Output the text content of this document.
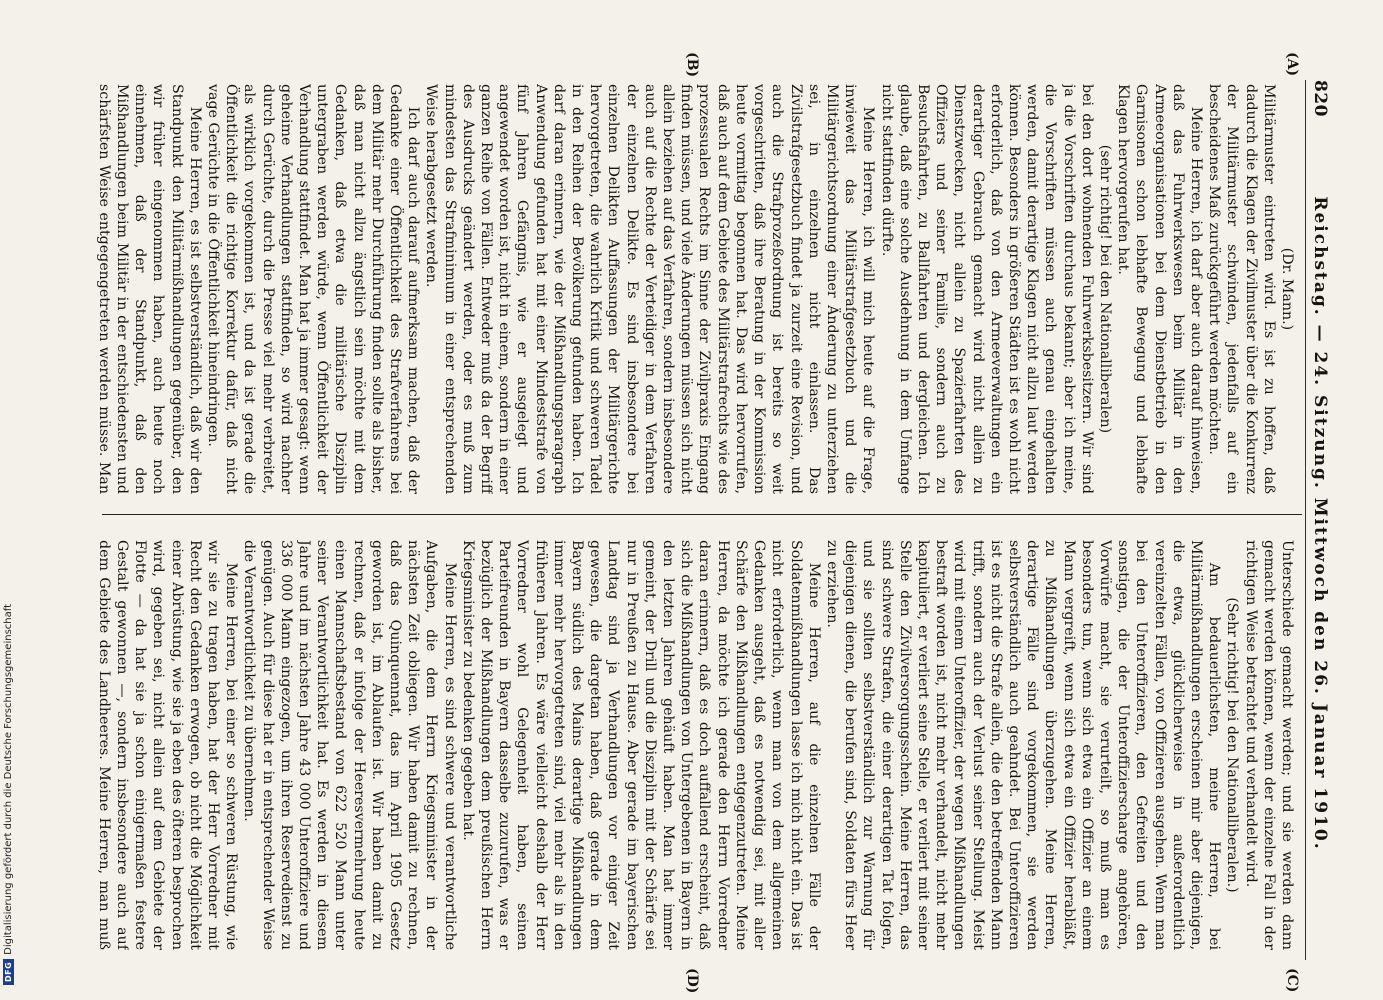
DFG
Digitalisierung gefördert durch die Deutsche Forschungsgemeinschaft
820
Reichstag. — 24. Sitzung. Mittwoch den 26. Januar 1910.
(A)
(B)
(C)
(D)

(Dr. Mann.)

Militärmuster eintreten wird. Es ist zu hoffen, daß dadurch die Klagen der Zivilmuster über die Konkurrenz der Militärmuster schwinden, jedenfalls auf ein bescheidenes Maß zurückgeführt werden möchten.

Meine Herren, ich darf aber auch darauf hinweisen, daß das Fuhrwerkswesen beim Militär in den Armeeorganisationen bei dem Dienstbetrieb in den Garnisonen schon lebhafte Bewegung und lebhafte Klagen hervorgerufen hat.

(sehr richtig! bei den Nationalliberalen)

bei den dort wohnenden Fuhrwerksbesitzern. Wir sind ja die Vorschriften durchaus bekannt; aber ich meine, die Vorschriften müssen auch genau eingehalten werden, damit derartige Klagen nicht allzu laut werden können. Besonders in größeren Städten ist es wohl nicht erforderlich, daß von den Armeeverwaltungen ein derartiger Gebrauch gemacht wird nicht allein zu Dienstzwecken, nicht allein zu Spazierfahrten des Offiziers und seiner Familie, sondern auch zu Besuchsfahrten, zu Ballfahrten und dergleichen. Ich glaube, daß eine solche Ausdehnung in dem Umfange nicht stattfinden dürfte.

Meine Herren, ich will mich heute auf die Frage, inwieweit das Militärstrafgesetzbuch und die Militärgerichtsordnung einer Änderung zu unterziehen sei, in einzelnen nicht einlassen. Das Zivilstrafgesetzbuch findet ja zurzeit eine Revision, und auch die Strafprozeßordnung ist bereits so weit vorgeschritten, daß ihre Beratung in der Kommission heute vormittag begonnen hat. Das wird hervorrufen, daß auch auf dem Gebiete des Militärstrafrechts wie des prozessualen Rechts im Sinne der Zivilpraxis Eingang finden müssen, und viele Änderungen müssen sich nicht allein beziehen auf das Verfahren, sondern insbesondere auch auf die Rechte der Verteidiger in dem Verfahren der einzelnen Delikte. Es sind insbesondere bei einzelnen Delikten Auffassungen der Militärgerichte hervorgetreten, die wahrlich Kritik und schweren Tadel in den Reihen der Bevölkerung gefunden haben. Ich darf daran erinnern, wie der Mißhandlungsparagraph Anwendung gefunden hat mit einer Mindeststrafe von fünf Jahren Gefängnis, wie er ausgelegt und angewendet worden ist, nicht in einem, sondern in einer ganzen Reihe von Fällen. Entweder muß da der Begriff des Ausdrucks geändert werden, oder es muß zum mindesten das Strafminimum in einer entsprechenden Weise herabgesetzt werden.

Ich darf auch darauf aufmerksam machen, daß der Gedanke einer Öffentlichkeit des Strafverfahrens bei dem Militär mehr Durchführung finden sollte als bisher, daß man nicht allzu ängstlich sein möchte mit dem Gedanken, daß etwa die militärische Disziplin untergraben werden würde, wenn Öffentlichkeit der Verhandlung stattfindet. Man hat ja immer gesagt: wenn geheime Verhandlungen stattfinden, so wird nachher durch Gerüchte, durch die Presse viel mehr verbreitet, als wirklich vorgekommen ist, und da ist gerade die Öffentlichkeit die richtige Korrektur dafür, daß nicht vage Gerüchte in die Öffentlichkeit hineindringen.

Meine Herren, es ist selbstverständlich, daß wir den Standpunkt den Militärmißhandlungen gegenüber, den wir früher eingenommen haben, auch heute noch einnehmen, daß der Standpunkt, daß den Mißhandlungen beim Militär in der entschiedensten und schärfsten Weise entgegengetreten werden müsse. Man

Unterschiede gemacht werden; und sie werden dann gemacht werden können, wenn der einzelne Fall in der richtigen Weise betrachtet und verhandelt wird.

(Sehr richtig! bei den Nationalliberalen.)

Am bedauerlichsten, meine Herren, bei Militärmißhandlungen erscheinen mir aber diejenigen, die etwa, glücklicherweise in außerordentlich vereinzelten Fällen, von Offizieren ausgehen. Wenn man bei den Unteroffizieren, den Gefreiten und den sonstigen, die der Unteroffizierscharge angehören, Vorwürfe macht, sie verurteilt, so muß man es besonders tun, wenn sich etwa ein Offizier an einem Mann vergreift, wenn sich etwa ein Offizier herabläßt, zu Mißhandlungen überzugehen. Meine Herren, derartige Fälle sind vorgekommen, sie werden selbstverständlich auch geahndet. Bei Unteroffizieren ist es nicht die Strafe allein, die den betreffenden Mann trifft, sondern auch der Verlust seiner Stellung. Meist wird mit einem Unteroffizier, der wegen Mißhandlungen bestraft worden ist, nicht mehr verhandelt, nicht mehr kapituliert, er verliert seine Stelle, er verliert mit seiner Stelle den Zivilversorgungsschein. Meine Herren, das sind schwere Strafen, die einer derartigen Tat folgen, und sie sollten selbstverständlich zur Warnung für diejenigen dienen, die berufen sind, Soldaten fürs Heer zu erziehen.

Meine Herren, auf die einzelnen Fälle der Soldatenmißhandlungen lasse ich mich nicht ein. Das ist nicht erforderlich, wenn man von dem allgemeinen Gedanken ausgeht, daß es notwendig sei, mit aller Schärfe den Mißhandlungen entgegenzutreten. Meine Herren, da möchte ich gerade den Herrn Vorredner daran erinnern, daß es doch auffallend erscheint, daß sich die Mißhandlungen von Untergebenen in Bayern in den letzten Jahren gehäuft haben. Man hat immer gemeint, der Drill und die Disziplin mit der Schärfe sei nur in Preußen zu Hause. Aber gerade im bayerischen Landtag sind ja Verhandlungen vor einiger Zeit gewesen, die dargetan haben, daß gerade in dem Bayern südlich des Mains derartige Mißhandlungen immer mehr hervorgetreten sind, viel mehr als in den früheren Jahren. Es wäre vielleicht deshalb der Herr Vorredner wohl Gelegenheit haben, seinen Parteifreunden in Bayern dasselbe zuzurufen, was er bezüglich der Mißhandlungen dem preußischen Herrn Kriegsminister zu bedenken gegeben hat.

Meine Herren, es sind schwere und verantwortliche Aufgaben, die dem Herrn Kriegsminister in der nächsten Zeit obliegen. Wir haben damit zu rechnen, daß das Quinquennat, das im April 1905 Gesetz geworden ist, im Ablaufen ist. Wir haben damit zu rechnen, daß er infolge der Heeresvermehrung heute einen Mannschaftsbestand von 622 520 Mann unter seiner Verantwortlichkeit hat. Es werden in diesem Jahre und im nächsten Jahre 43 000 Unteroffiziere und 336 000 Mann eingezogen, um ihren Reservedienst zu genügen. Auch für diese hat er in entsprechender Weise die Verantwortlichkeit zu übernehmen.

Meine Herren, bei einer so schweren Rüstung, wie wir sie zu tragen haben, hat der Herr Vorredner mit Recht den Gedanken erwogen, ob nicht die Möglichkeit einer Abrüstung, wie sie ja eben des öfteren besprochen wird, gegeben sei, nicht allein auf dem Gebiete der Flotte — da hat sie ja schon einigermaßen festere Gestalt gewonnen —, sondern insbesondere auch auf dem Gebiete des Landheeres. Meine Herren, man muß
